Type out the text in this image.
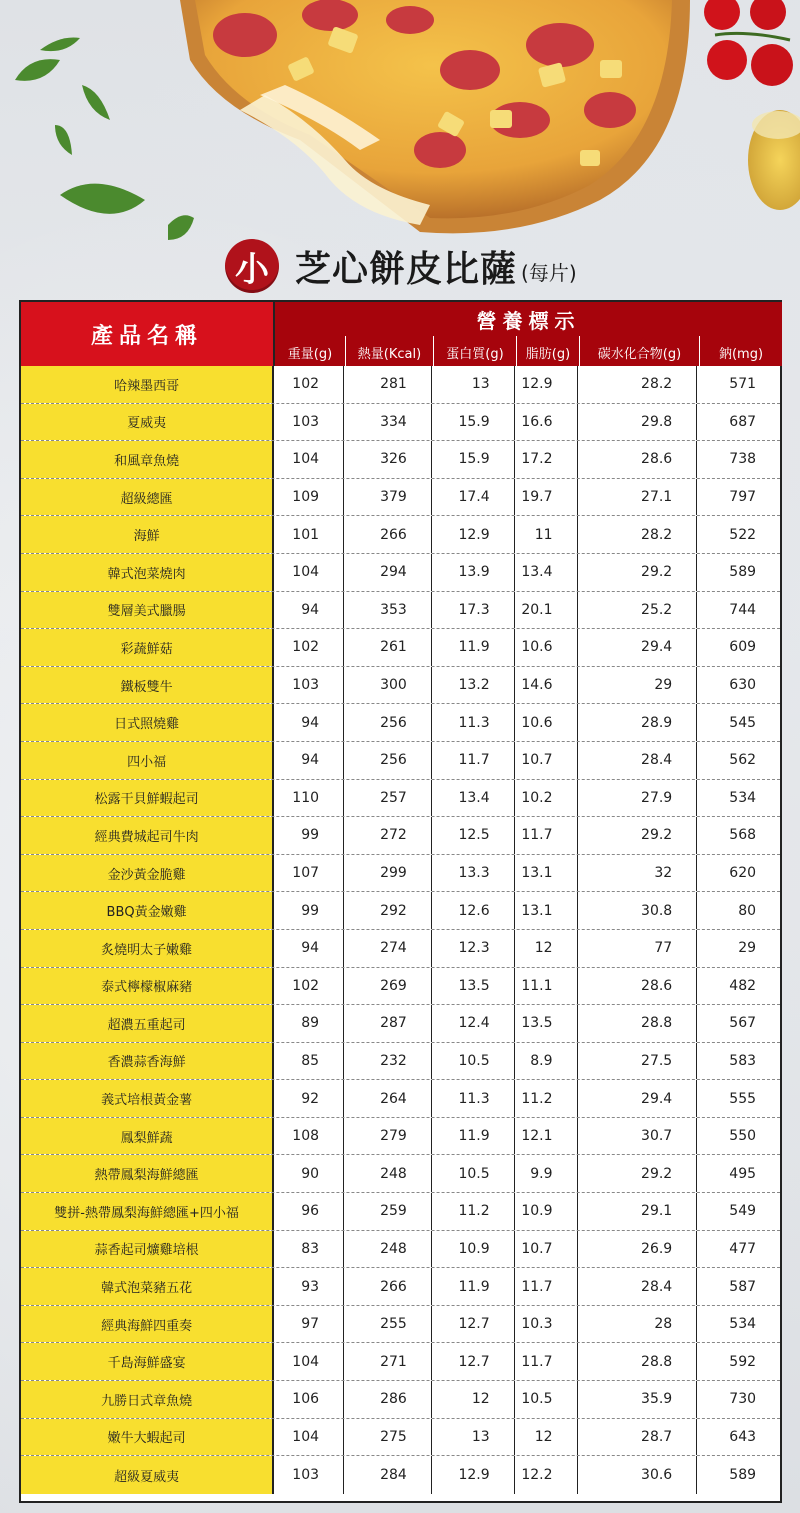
小 芝心餅皮比薩 (每片)
產品名稱
營養標示
重量(g)	熱量(Kcal)	蛋白質(g)	脂肪(g)	碳水化合物(g)	鈉(mg)
哈辣墨西哥	102	281	13	12.9	28.2	571
夏威夷	103	334	15.9	16.6	29.8	687
和風章魚燒	104	326	15.9	17.2	28.6	738
超級總匯	109	379	17.4	19.7	27.1	797
海鮮	101	266	12.9	11	28.2	522
韓式泡菜燒肉	104	294	13.9	13.4	29.2	589
雙層美式臘腸	94	353	17.3	20.1	25.2	744
彩蔬鮮菇	102	261	11.9	10.6	29.4	609
鐵板雙牛	103	300	13.2	14.6	29	630
日式照燒雞	94	256	11.3	10.6	28.9	545
四小福	94	256	11.7	10.7	28.4	562
松露干貝鮮蝦起司	110	257	13.4	10.2	27.9	534
經典費城起司牛肉	99	272	12.5	11.7	29.2	568
金沙黃金脆雞	107	299	13.3	13.1	32	620
BBQ黃金嫩雞	99	292	12.6	13.1	30.8	80
炙燒明太子嫩雞	94	274	12.3	12	77	29
泰式檸檬椒麻豬	102	269	13.5	11.1	28.6	482
超濃五重起司	89	287	12.4	13.5	28.8	567
香濃蒜香海鮮	85	232	10.5	8.9	27.5	583
義式培根黃金薯	92	264	11.3	11.2	29.4	555
鳳梨鮮蔬	108	279	11.9	12.1	30.7	550
熱帶鳳梨海鮮總匯	90	248	10.5	9.9	29.2	495
雙拼-熱帶鳳梨海鮮總匯+四小福	96	259	11.2	10.9	29.1	549
蒜香起司爌雞培根	83	248	10.9	10.7	26.9	477
韓式泡菜豬五花	93	266	11.9	11.7	28.4	587
經典海鮮四重奏	97	255	12.7	10.3	28	534
千島海鮮盛宴	104	271	12.7	11.7	28.8	592
九勝日式章魚燒	106	286	12	10.5	35.9	730
嫩牛大蝦起司	104	275	13	12	28.7	643
超級夏威夷	103	284	12.9	12.2	30.6	589
